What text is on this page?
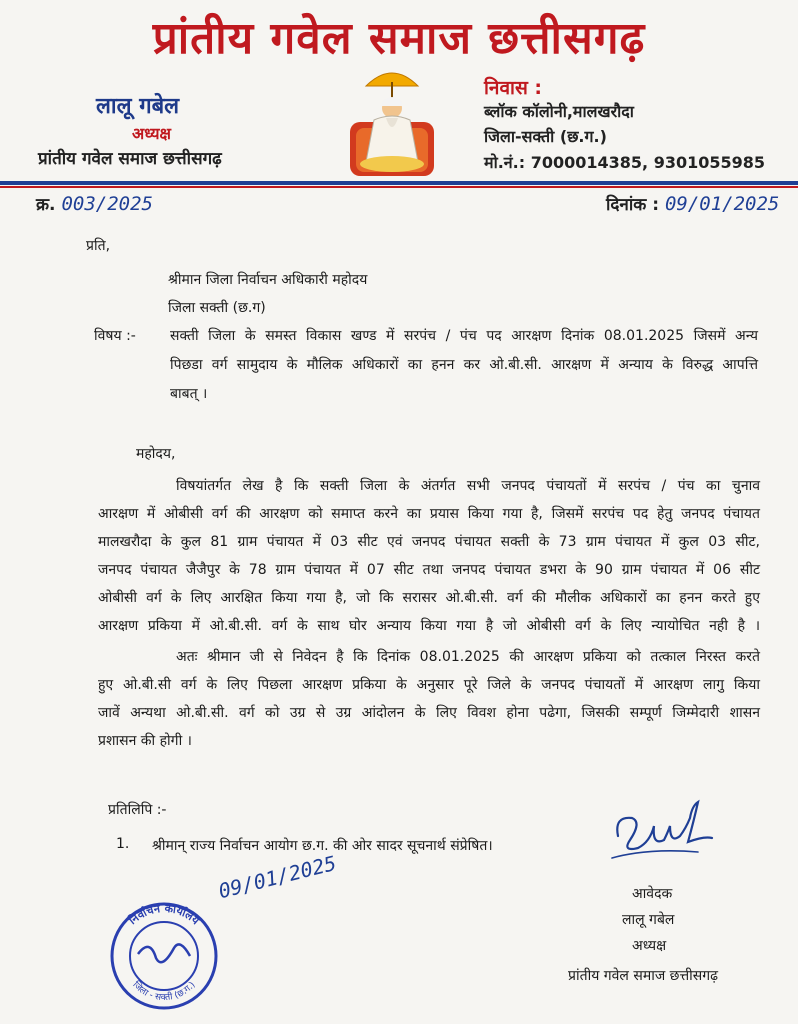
प्रांतीय गवेल समाज छत्तीसगढ़
लालू गबेल
अध्यक्ष
प्रांतीय गवेल समाज छत्तीसगढ़
निवास :
ब्लॉक कॉलोनी,मालखरौदा
जिला-सक्ती (छ.ग.)
मो.नं.: 7000014385, 9301055985
क्र. 003/2025	दिनांक : 09/01/2025
प्रति,
श्रीमान जिला निर्वाचन अधिकारी महोदय
जिला सक्ती (छ.ग)
विषय :- सक्ती जिला के समस्त विकास खण्ड में सरपंच / पंच पद आरक्षण दिनांक 08.01.2025 जिसमें अन्य
पिछडा वर्ग सामुदाय के मौलिक अधिकारों का हनन कर ओ.बी.सी. आरक्षण में अन्याय के विरुद्ध आपत्ति
बाबत् ।
महोदय,
विषयांतर्गत लेख है कि सक्ती जिला के अंतर्गत सभी जनपद पंचायतों में सरपंच / पंच का चुनाव
आरक्षण में ओबीसी वर्ग की आरक्षण को समाप्त करने का प्रयास किया गया है, जिसमें सरपंच पद हेतु जनपद पंचायत
मालखरौदा के कुल 81 ग्राम पंचायत में 03 सीट एवं जनपद पंचायत सक्ती के 73 ग्राम पंचायत में कुल 03 सीट,
जनपद पंचायत जैजैपुर के 78 ग्राम पंचायत में 07 सीट तथा जनपद पंचायत डभरा के 90 ग्राम पंचायत में 06 सीट
ओबीसी वर्ग के लिए आरक्षित किया गया है, जो कि सरासर ओ.बी.सी. वर्ग की मौलीक अधिकारों का हनन करते हुए
आरक्षण प्रकिया में ओ.बी.सी. वर्ग के साथ घोर अन्याय किया गया है जो ओबीसी वर्ग के लिए न्यायोचित नही है ।
अतः श्रीमान जी से निवेदन है कि दिनांक 08.01.2025 की आरक्षण प्रकिया को तत्काल निरस्त करते
हुए ओ.बी.सी वर्ग के लिए पिछला आरक्षण प्रकिया के अनुसार पूरे जिले के जनपद पंचायतों में आरक्षण लागु किया
जावें अन्यथा ओ.बी.सी. वर्ग को उग्र से उग्र आंदोलन के लिए विवश होना पढेगा, जिसकी सम्पूर्ण जिम्मेदारी शासन
प्रशासन की होगी ।
प्रतिलिपि :-
1. श्रीमान् राज्य निर्वाचन आयोग छ.ग. की ओर सादर सूचनार्थ संप्रेषित।
आवेदक
लालू गबेल
अध्यक्ष
प्रांतीय गवेल समाज छत्तीसगढ़
निर्वाचन कार्यालय
जिला - सक्ती (छ.ग.)
09/01/2025
